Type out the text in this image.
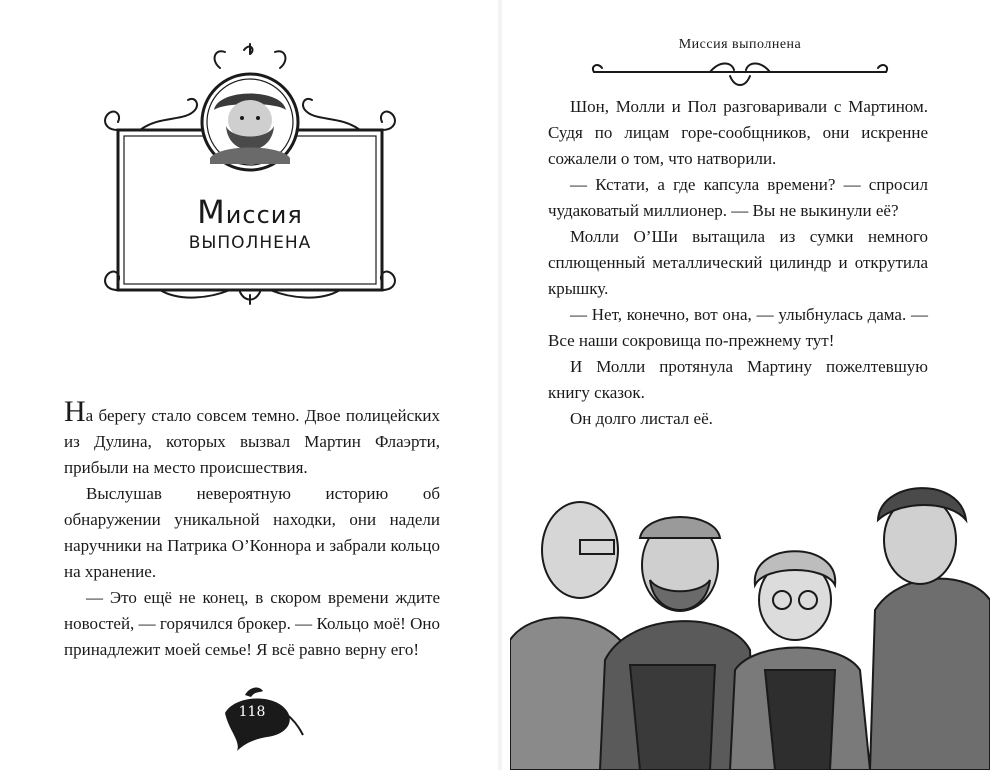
Миссия
ВЫПОЛНЕНА

На берегу стало совсем темно. Двое полицейских из Дулина, которых вызвал Мартин Флаэрти, прибыли на место происшествия.

Выслушав невероятную историю об обнаружении уникальной находки, они надели наручники на Патрика О’Коннора и забрали кольцо на хранение.

— Это ещё не конец, в скором времени ждите новостей, — горячился брокер. — Кольцо моё! Оно принадлежит моей семье! Я всё равно верну его!

118
Миссия выполнена

Шон, Молли и Пол разговаривали с Мартином. Судя по лицам горе-сообщников, они искренне сожалели о том, что натворили.

— Кстати, а где капсула времени? — спросил чудаковатый миллионер. — Вы не выкинули её?

Молли О’Ши вытащила из сумки немного сплющенный металлический цилиндр и открутила крышку.

— Нет, конечно, вот она, — улыбнулась дама. — Все наши сокровища по-прежнему тут!

И Молли протянула Мартину пожелтевшую книгу сказок.

Он долго листал её.
